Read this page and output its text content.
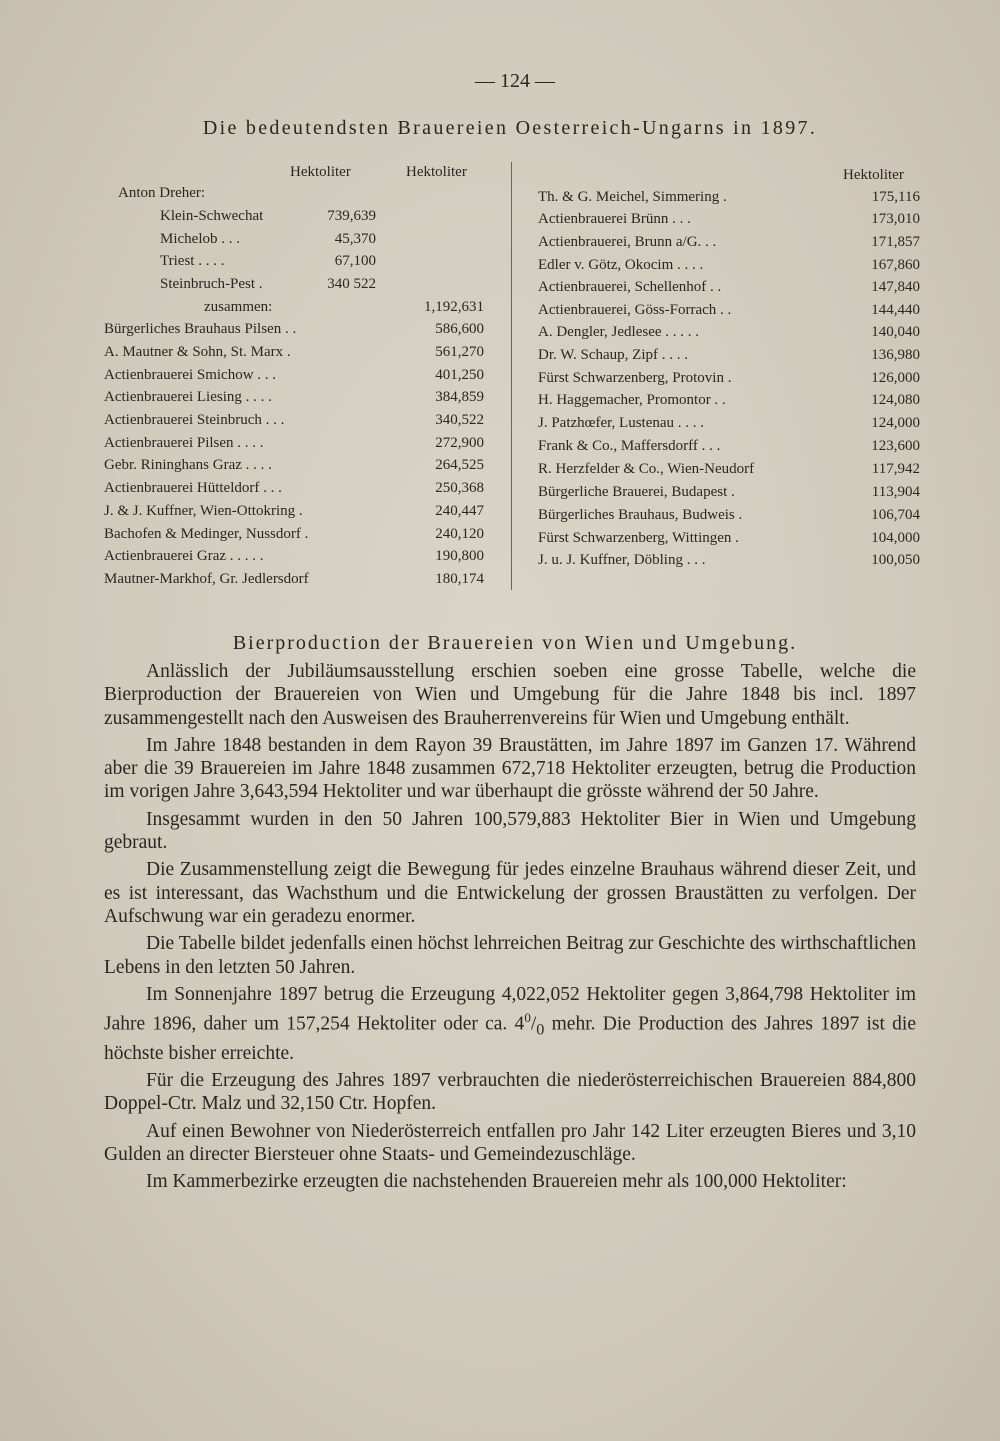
— 124 —
Die bedeutendsten Brauereien Oesterreich-Ungarns in 1897.
Hektoliter	Hektoliter	Hektoliter
Anton Dreher:
Klein-Schwechat	739,639
Michelob . . .	45,370
Triest . . . .	67,100
Steinbruch-Pest .	340 522
zusammen:	1,192,631
Bürgerliches Brauhaus Pilsen . .	586,600
A. Mautner & Sohn, St. Marx .	561,270
Actienbrauerei Smichow . . .	401,250
Actienbrauerei Liesing . . . .	384,859
Actienbrauerei Steinbruch . . .	340,522
Actienbrauerei Pilsen . . . .	272,900
Gebr. Rininghans Graz . . . .	264,525
Actienbrauerei Hütteldorf . . .	250,368
J. & J. Kuffner, Wien-Ottokring .	240,447
Bachofen & Medinger, Nussdorf .	240,120
Actienbrauerei Graz . . . . .	190,800
Mautner-Markhof, Gr. Jedlersdorf	180,174
Th. & G. Meichel, Simmering .	175,116
Actienbrauerei Brünn . . .	173,010
Actienbrauerei, Brunn a/G. . .	171,857
Edler v. Götz, Okocim . . . .	167,860
Actienbrauerei, Schellenhof . .	147,840
Actienbrauerei, Göss-Forrach . .	144,440
A. Dengler, Jedlesee . . . . .	140,040
Dr. W. Schaup, Zipf . . . .	136,980
Fürst Schwarzenberg, Protovin .	126,000
H. Haggemacher, Promontor . .	124,080
J. Patzhœfer, Lustenau . . . .	124,000
Frank & Co., Maffersdorff . . .	123,600
R. Herzfelder & Co., Wien-Neudorf	117,942
Bürgerliche Brauerei, Budapest .	113,904
Bürgerliches Brauhaus, Budweis .	106,704
Fürst Schwarzenberg, Wittingen .	104,000
J. u. J. Kuffner, Döbling . . .	100,050
Bierproduction der Brauereien von Wien und Umgebung.

Anlässlich der Jubiläumsausstellung erschien soeben eine grosse Tabelle, welche die Bierproduction der Brauereien von Wien und Umgebung für die Jahre 1848 bis incl. 1897 zusammengestellt nach den Ausweisen des Brauherrenvereins für Wien und Umgebung enthält.

Im Jahre 1848 bestanden in dem Rayon 39 Braustätten, im Jahre 1897 im Ganzen 17. Während aber die 39 Brauereien im Jahre 1848 zusammen 672,718 Hektoliter erzeugten, betrug die Production im vorigen Jahre 3,643,594 Hektoliter und war überhaupt die grösste während der 50 Jahre.

Insgesammt wurden in den 50 Jahren 100,579,883 Hektoliter Bier in Wien und Umgebung gebraut.

Die Zusammenstellung zeigt die Bewegung für jedes einzelne Brauhaus während dieser Zeit, und es ist interessant, das Wachsthum und die Entwickelung der grossen Braustätten zu verfolgen. Der Aufschwung war ein geradezu enormer.

Die Tabelle bildet jedenfalls einen höchst lehrreichen Beitrag zur Geschichte des wirthschaftlichen Lebens in den letzten 50 Jahren.

Im Sonnenjahre 1897 betrug die Erzeugung 4,022,052 Hektoliter gegen 3,864,798 Hektoliter im Jahre 1896, daher um 157,254 Hektoliter oder ca. $4^0/_0$ mehr. Die Production des Jahres 1897 ist die höchste bisher erreichte.

Für die Erzeugung des Jahres 1897 verbrauchten die niederösterreichischen Brauereien 884,800 Doppel-Ctr. Malz und 32,150 Ctr. Hopfen.

Auf einen Bewohner von Niederösterreich entfallen pro Jahr 142 Liter erzeugten Bieres und 3,10 Gulden an directer Biersteuer ohne Staats- und Gemeindezuschläge.

Im Kammerbezirke erzeugten die nachstehenden Brauereien mehr als 100,000 Hektoliter:
